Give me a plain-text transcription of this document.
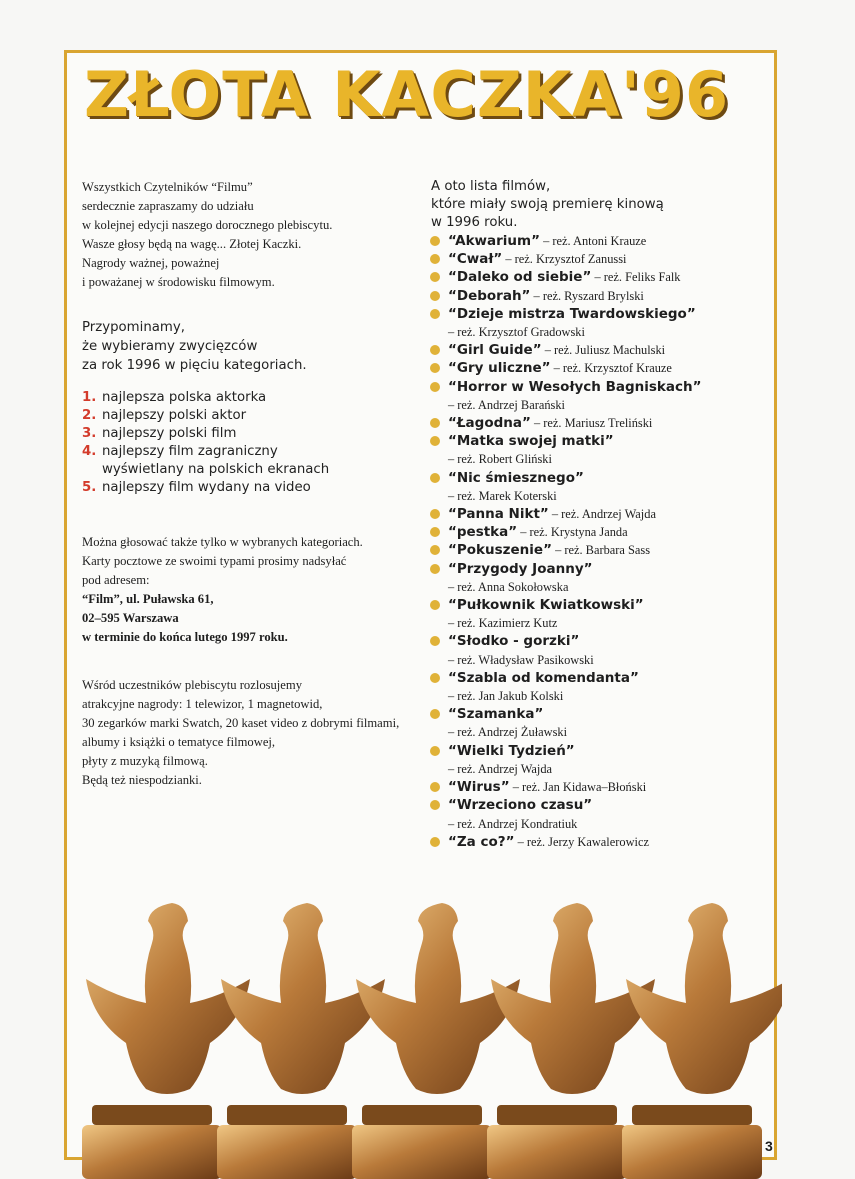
ZŁOTA KACZKA'96
Wszystkich Czytelników “Filmu”
serdecznie zapraszamy do udziału
w kolejnej edycji naszego dorocznego plebiscytu.
Wasze głosy będą na wagę... Złotej Kaczki.
Nagrody ważnej, poważnej
i poważanej w środowisku filmowym.
Przypominamy,
że wybieramy zwycięzców
za rok 1996 w pięciu kategoriach.
1. najlepsza polska aktorka
2. najlepszy polski aktor
3. najlepszy polski film
4. najlepszy film zagraniczny
wyświetlany na polskich ekranach
5. najlepszy film wydany na video
Można głosować także tylko w wybranych kategoriach.
Karty pocztowe ze swoimi typami prosimy nadsyłać
pod adresem:
“Film”, ul. Puławska 61,
02–595 Warszawa
w terminie do końca lutego 1997 roku.
Wśród uczestników plebiscytu rozlosujemy
atrakcyjne nagrody: 1 telewizor, 1 magnetowid,
30 zegarków marki Swatch, 20 kaset video z dobrymi filmami,
albumy i książki o tematyce filmowej,
płyty z muzyką filmową.
Będą też niespodzianki.
A oto lista filmów,
które miały swoją premierę kinową
w 1996 roku.
“Akwarium” – reż. Antoni Krauze
“Cwał” – reż. Krzysztof Zanussi
“Daleko od siebie” – reż. Feliks Falk
“Deborah” – reż. Ryszard Brylski
“Dzieje mistrza Twardowskiego”
– reż. Krzysztof Gradowski
“Girl Guide” – reż. Juliusz Machulski
“Gry uliczne” – reż. Krzysztof Krauze
“Horror w Wesołych Bagniskach”
– reż. Andrzej Barański
“Łagodna” – reż. Mariusz Treliński
“Matka swojej matki”
– reż. Robert Gliński
“Nic śmiesznego”
– reż. Marek Koterski
“Panna Nikt” – reż. Andrzej Wajda
“pestka” – reż. Krystyna Janda
“Pokuszenie” – reż. Barbara Sass
“Przygody Joanny”
– reż. Anna Sokołowska
“Pułkownik Kwiatkowski”
– reż. Kazimierz Kutz
“Słodko - gorzki”
– reż. Władysław Pasikowski
“Szabla od komendanta”
– reż. Jan Jakub Kolski
“Szamanka”
– reż. Andrzej Żuławski
“Wielki Tydzień”
– reż. Andrzej Wajda
“Wirus” – reż. Jan Kidawa–Błoński
“Wrzeciono czasu”
– reż. Andrzej Kondratiuk
“Za co?” – reż. Jerzy Kawalerowicz
3
